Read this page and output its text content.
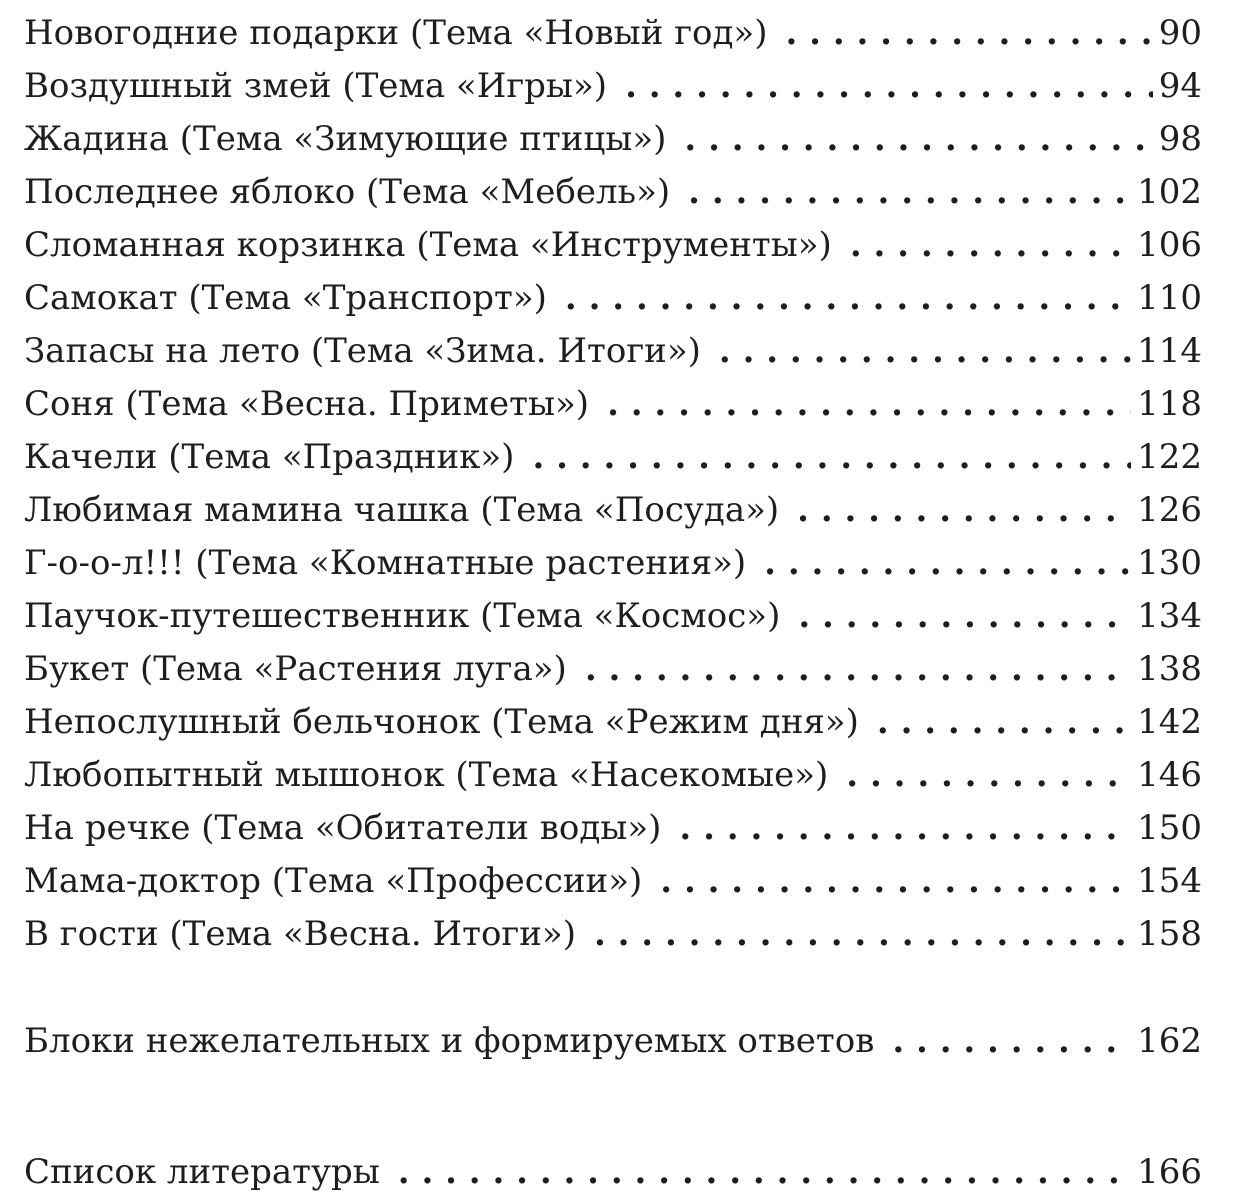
Новогодние подарки (Тема «Новый год») . . .	90
Воздушный змей (Тема «Игры») . . .	94
Жадина (Тема «Зимующие птицы») . . .	98
Последнее яблоко (Тема «Мебель») . . .	102
Сломанная корзинка (Тема «Инструменты») . . .	106
Самокат (Тема «Транспорт») . . .	110
Запасы на лето (Тема «Зима. Итоги») . . .	114
Соня (Тема «Весна. Приметы») . . .	118
Качели (Тема «Праздник») . . .	122
Любимая мамина чашка (Тема «Посуда») . . .	126
Г-о-о-л!!! (Тема «Комнатные растения») . . .	130
Паучок-путешественник (Тема «Космос») . . .	134
Букет (Тема «Растения луга») . . .	138
Непослушный бельчонок (Тема «Режим дня») . . .	142
Любопытный мышонок (Тема «Насекомые») . . .	146
На речке (Тема «Обитатели воды») . . .	150
Мама-доктор (Тема «Профессии») . . .	154
В гости (Тема «Весна. Итоги») . . .	158
Блоки нежелательных и формируемых ответов . . .	162
Список литературы . . .	166
